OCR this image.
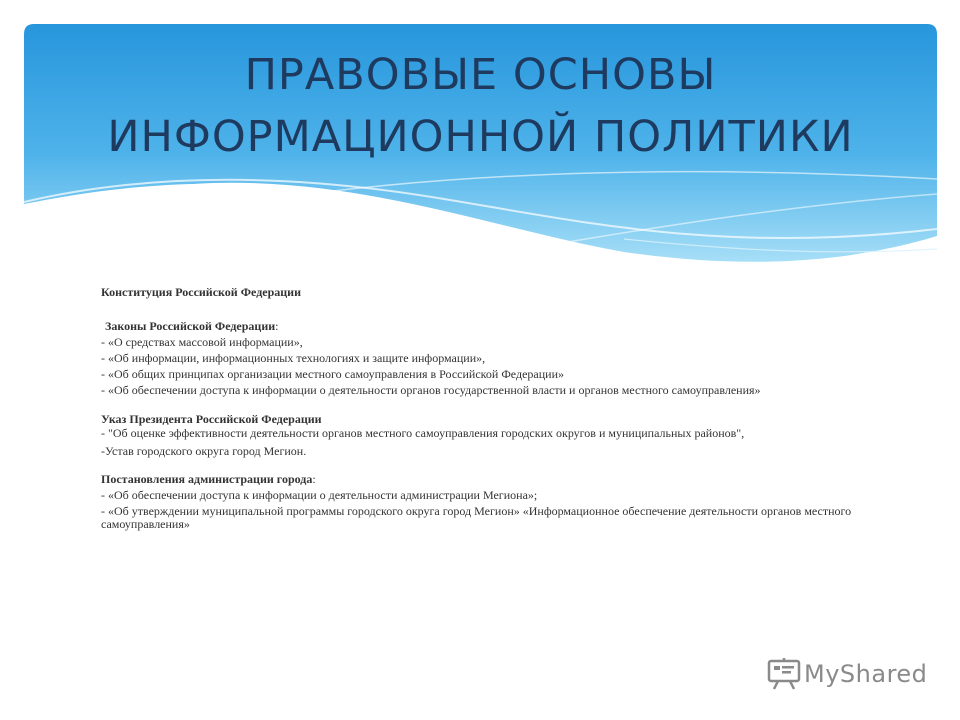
ПРАВОВЫЕ ОСНОВЫ
ИНФОРМАЦИОННОЙ ПОЛИТИКИ
Конституция Российской Федерации
Законы Российской Федерации:
- «О средствах массовой информации»,
- «Об информации, информационных технологиях и защите информации»,
- «Об общих принципах организации местного самоуправления в Российской Федерации»
- «Об обеспечении доступа к информации о деятельности органов государственной власти и органов местного самоуправления»
Указ Президента Российской Федерации
- "Об оценке эффективности деятельности органов местного самоуправления городских округов и муниципальных районов",
-Устав городского округа город Мегион.
Постановления администрации города:
- «Об обеспечении доступа к информации о деятельности администрации Мегиона»;
- «Об утверждении муниципальной программы городского округа город Мегион» «Информационное обеспечение деятельности органов местного самоуправления»
MyShared
